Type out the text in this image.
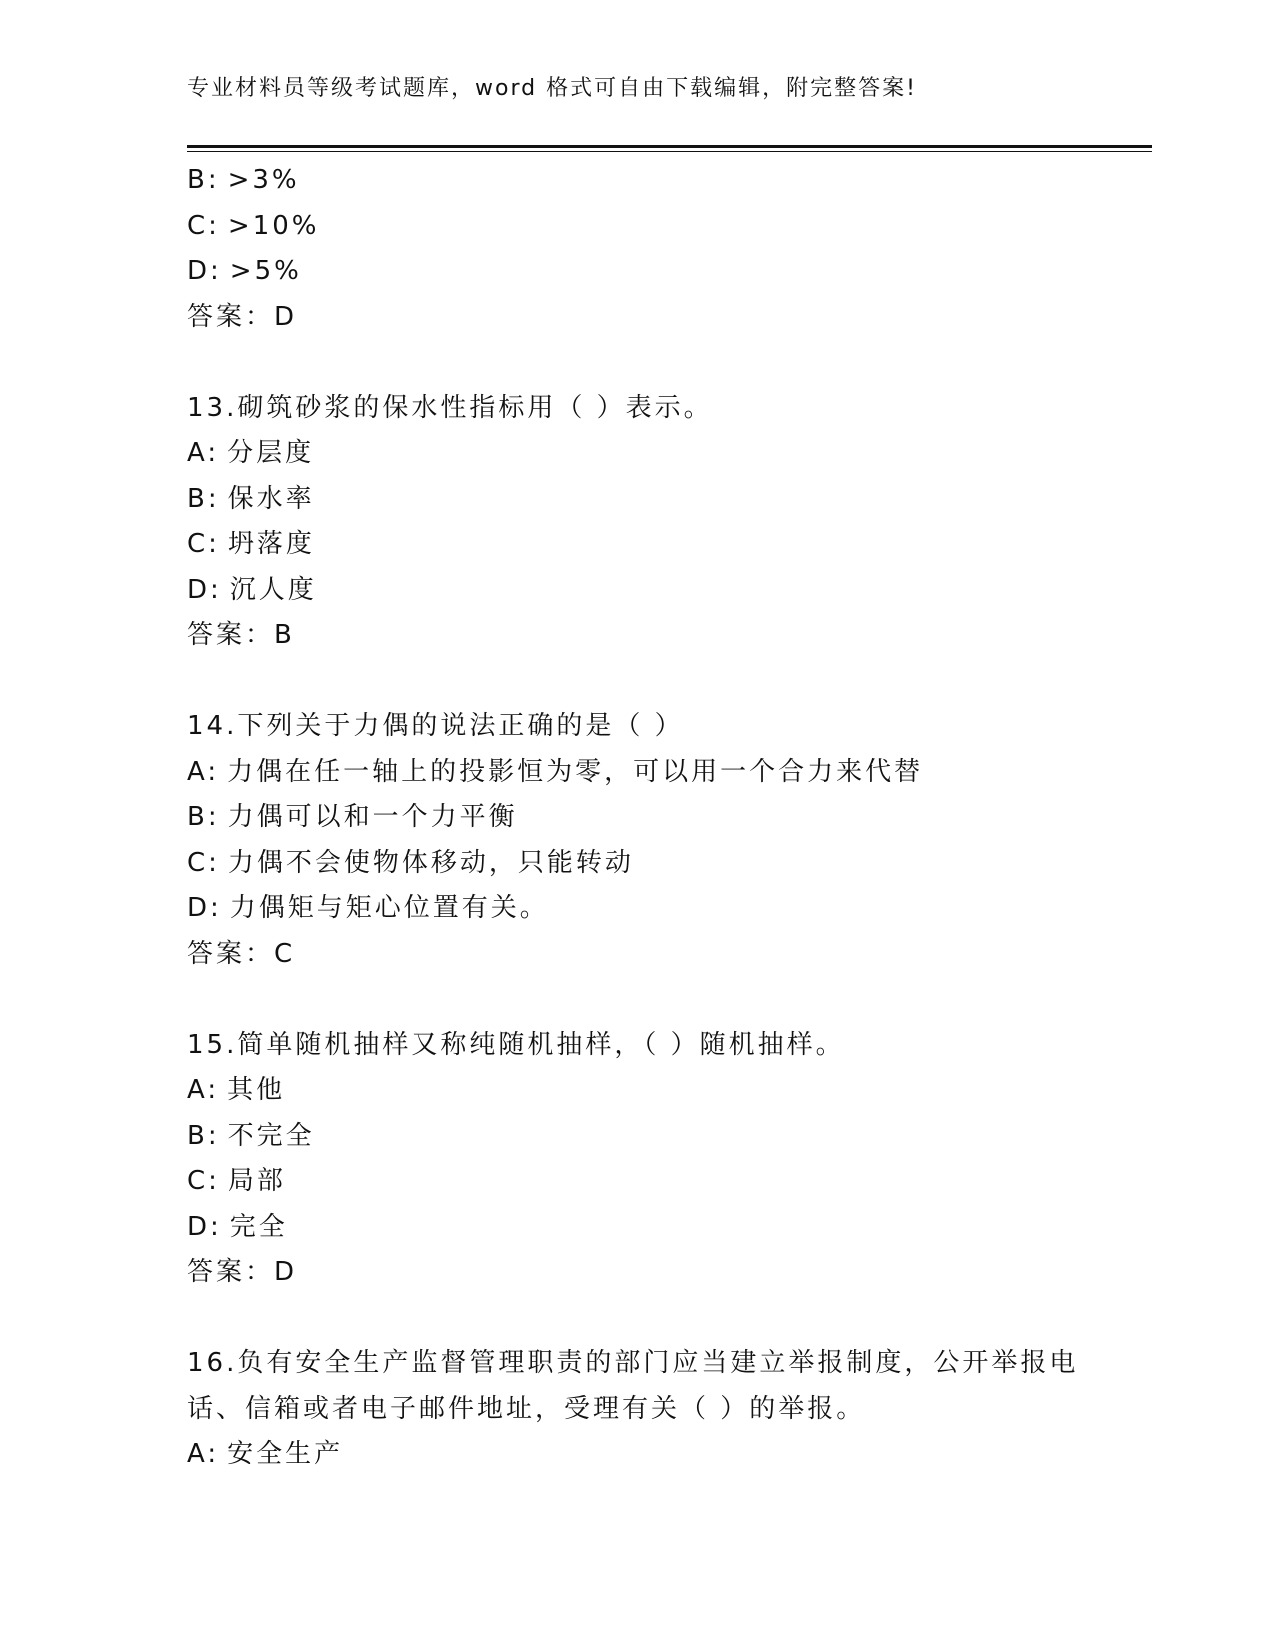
专业材料员等级考试题库，word 格式可自由下载编辑，附完整答案!
B: >3%
C: >10%
D: >5%
答案：D
13.砌筑砂浆的保水性指标用（ ）表示。
A: 分层度
B: 保水率
C: 坍落度
D: 沉人度
答案：B
14.下列关于力偶的说法正确的是（ ）
A: 力偶在任一轴上的投影恒为零，可以用一个合力来代替
B: 力偶可以和一个力平衡
C: 力偶不会使物体移动，只能转动
D: 力偶矩与矩心位置有关。
答案：C
15.简单随机抽样又称纯随机抽样，（ ）随机抽样。
A: 其他
B: 不完全
C: 局部
D: 完全
答案：D
16.负有安全生产监督管理职责的部门应当建立举报制度，公开举报电
话、信箱或者电子邮件地址，受理有关（ ）的举报。
A: 安全生产
